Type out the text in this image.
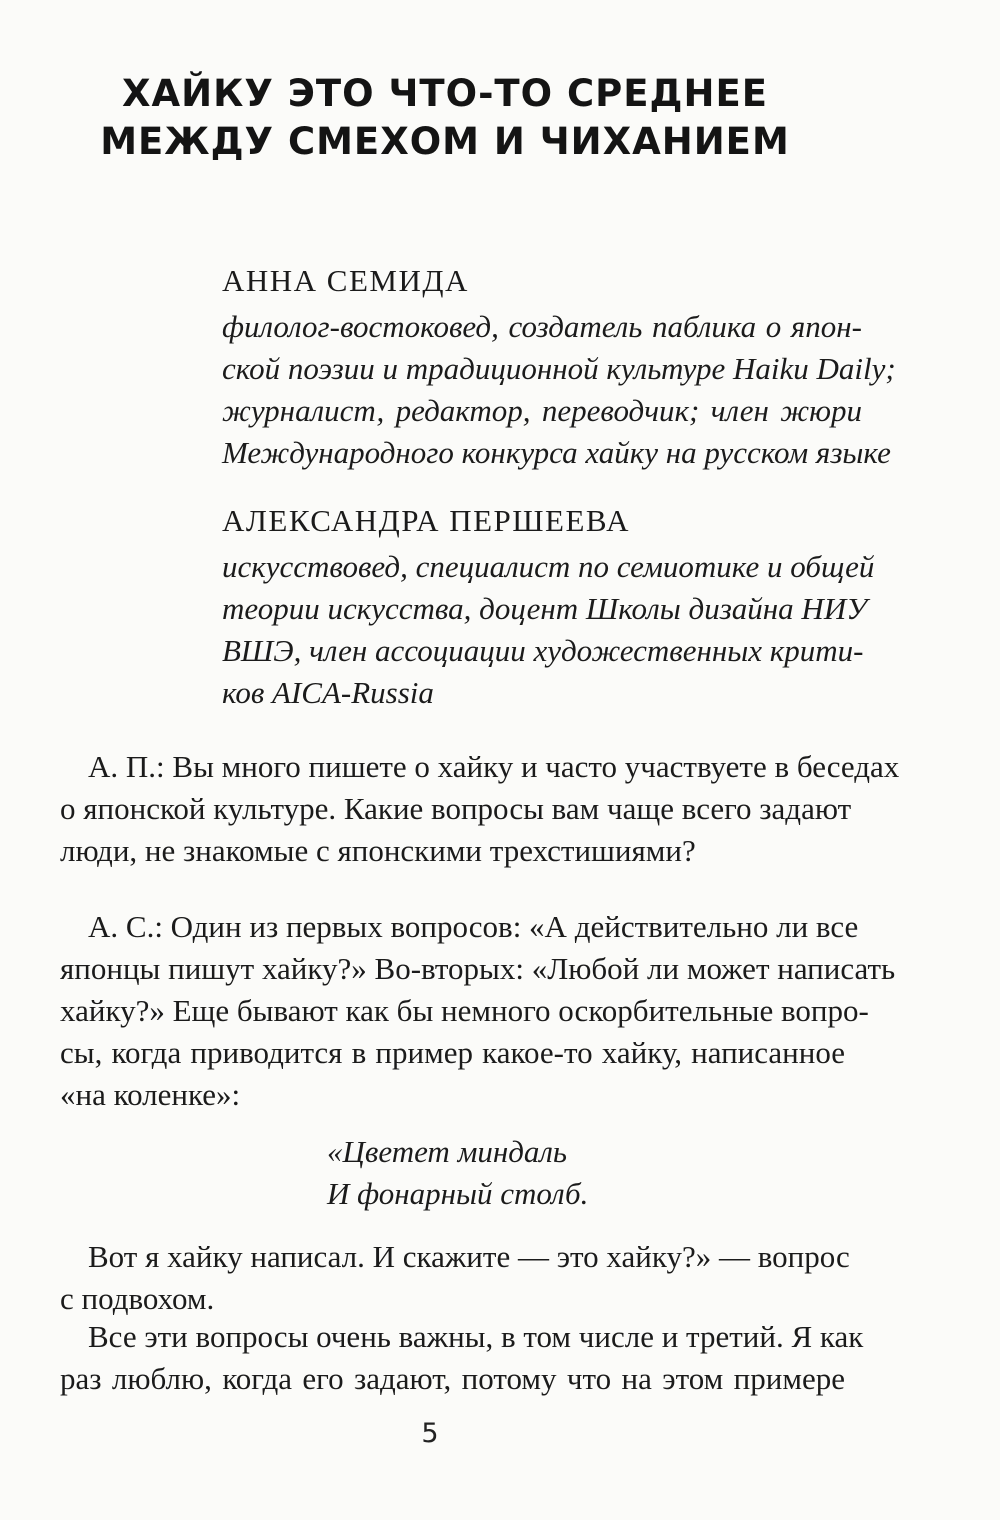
ХАЙКУ ЭТО ЧТО-ТО СРЕДНЕЕ
МЕЖДУ СМЕХОМ И ЧИХАНИЕМ
АННА СЕМИДА
филолог-востоковед, создатель паблика о япон-
ской поэзии и традиционной культуре Haiku Daily;
журналист, редактор, переводчик; член жюри
Международного конкурса хайку на русском языке
АЛЕКСАНДРА ПЕРШЕЕВА
искусствовед, специалист по семиотике и общей
теории искусства, доцент Школы дизайна НИУ
ВШЭ, член ассоциации художественных крити-
ков AICA-Russia
А. П.: Вы много пишете о хайку и часто участвуете в беседах
о японской культуре. Какие вопросы вам чаще всего задают
люди, не знакомые с японскими трехстишиями?
А. С.: Один из первых вопросов: «А действительно ли все
японцы пишут хайку?» Во-вторых: «Любой ли может написать
хайку?» Еще бывают как бы немного оскорбительные вопро-
сы, когда приводится в пример какое-то хайку, написанное
«на коленке»:
«Цветет миндаль
И фонарный столб.
Вот я хайку написал. И скажите — это хайку?» — вопрос
с подвохом.
Все эти вопросы очень важны, в том числе и третий. Я как
раз люблю, когда его задают, потому что на этом примере
5
